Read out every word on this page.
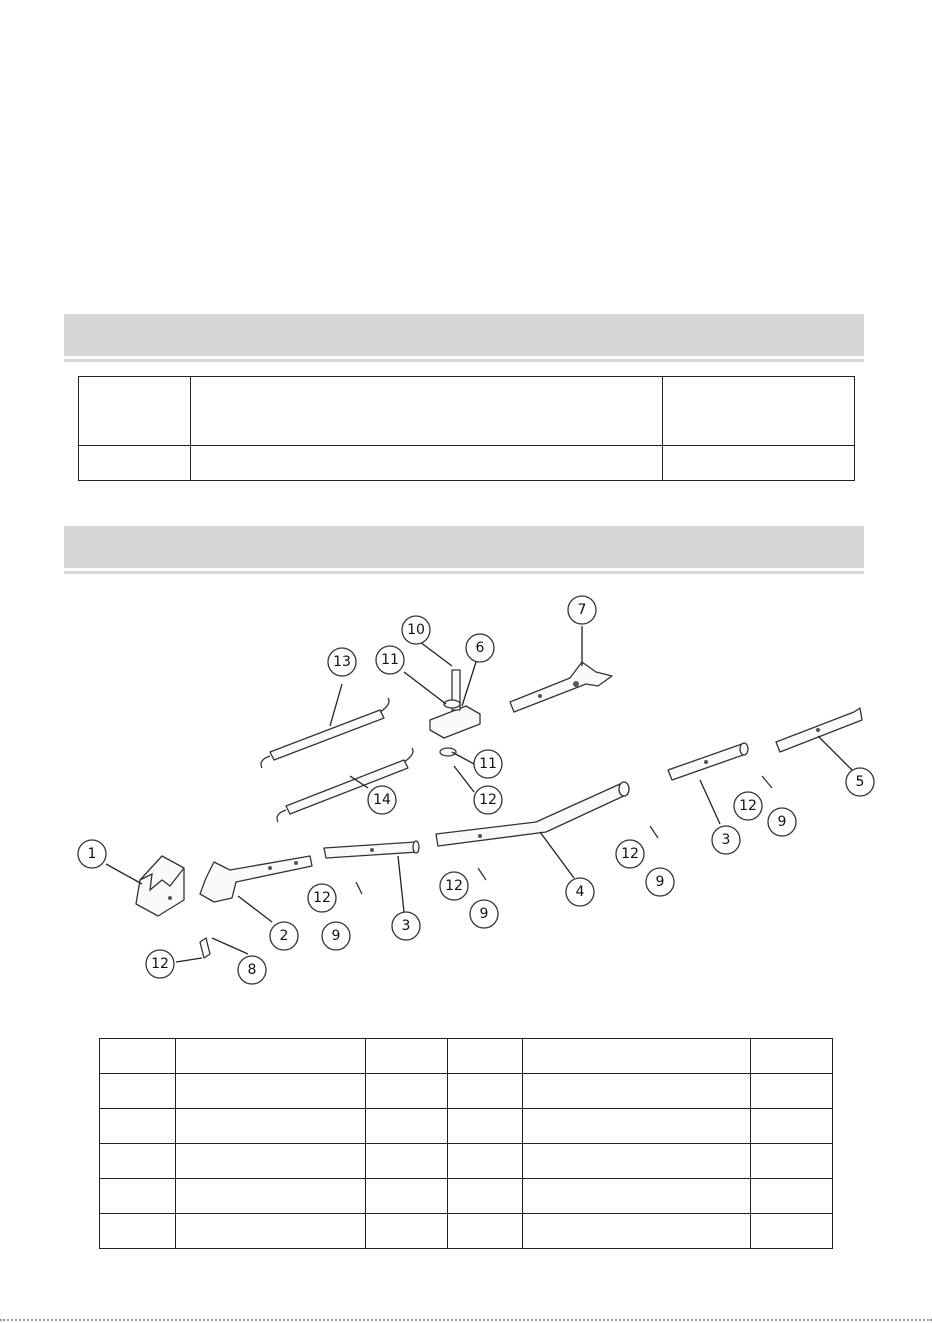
1
2
3
3
4
5
6
7
8
9
9
9
9
10
11
11
12
12
12
12
12
12
13
14
